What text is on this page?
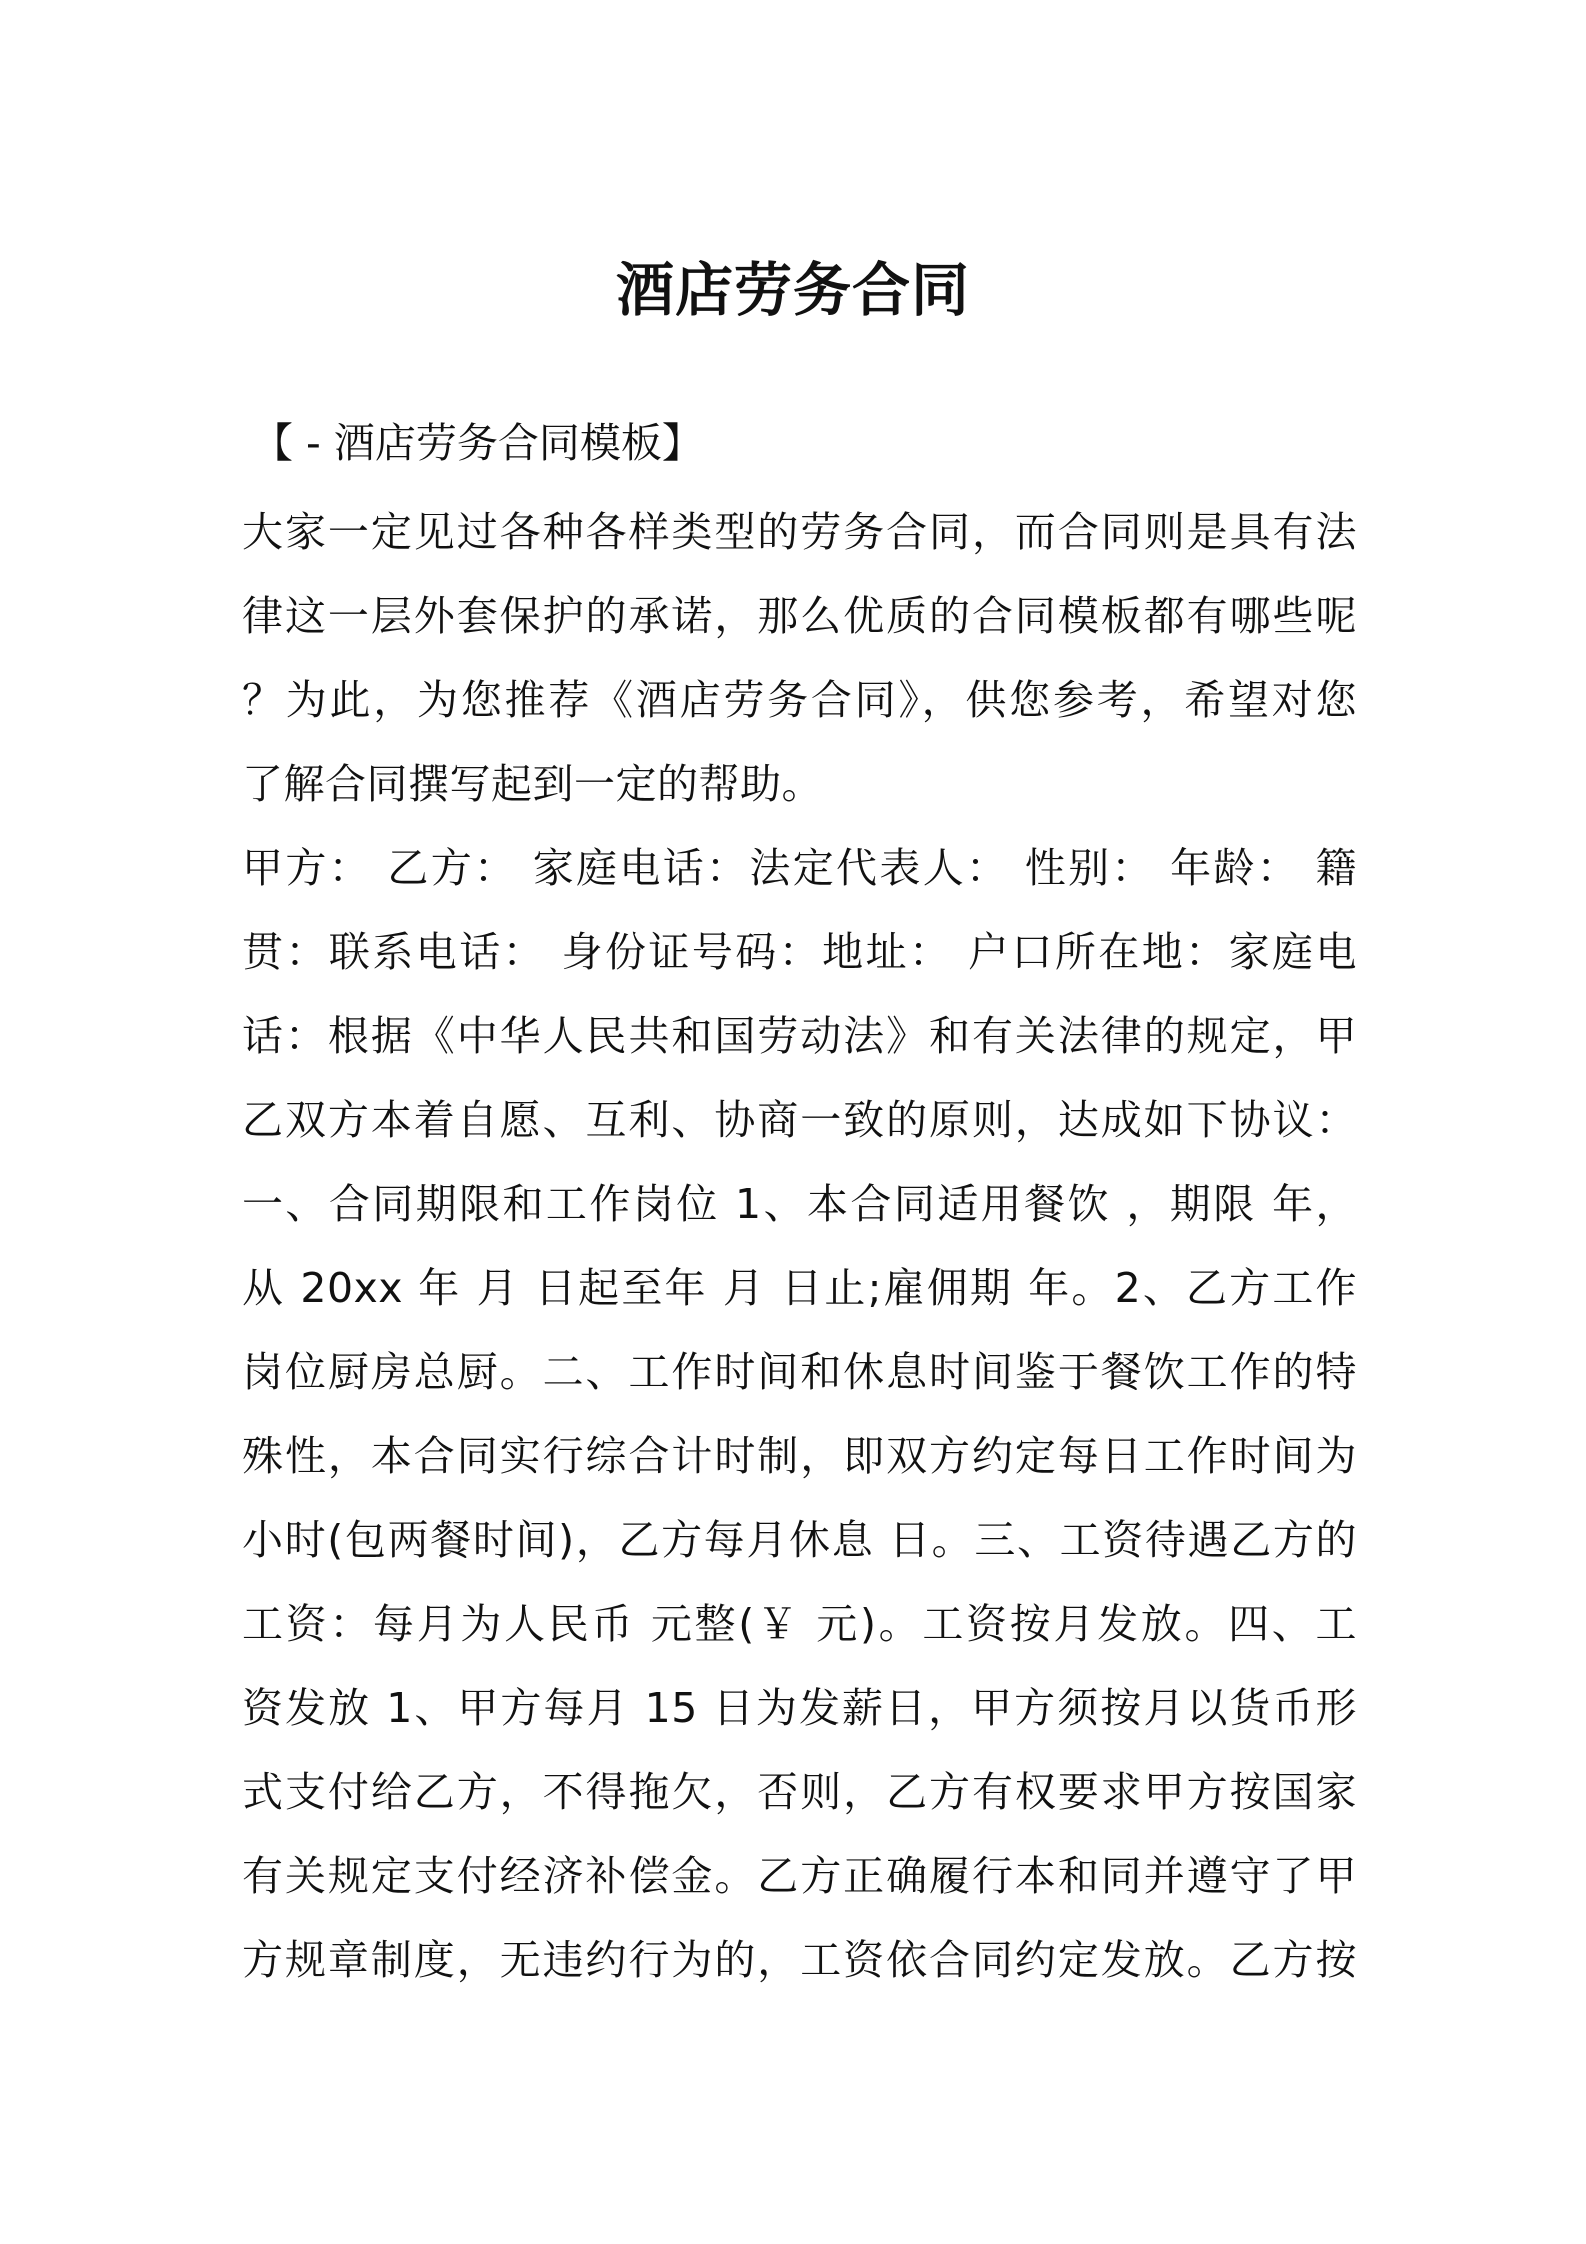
酒店劳务合同
【 - 酒店劳务合同模板】
大家一定见过各种各样类型的劳务合同，而合同则是具有法
律这一层外套保护的承诺，那么优质的合同模板都有哪些呢
？为此，为您推荐《酒店劳务合同》，供您参考，希望对您
了解合同撰写起到一定的帮助。
甲方： 乙方： 家庭电话：法定代表人： 性别： 年龄： 籍
贯：联系电话： 身份证号码：地址： 户口所在地：家庭电
话：根据《中华人民共和国劳动法》和有关法律的规定，甲
乙双方本着自愿、互利、协商一致的原则，达成如下协议：
一、合同期限和工作岗位 1、本合同适用餐饮 ，期限 年，
从 20xx 年 月 日起至年 月 日止;雇佣期 年。2、乙方工作
岗位厨房总厨。二、工作时间和休息时间鉴于餐饮工作的特
殊性，本合同实行综合计时制，即双方约定每日工作时间为
小时(包两餐时间)，乙方每月休息 日。三、工资待遇乙方的
工资：每月为人民币 元整(￥ 元)。工资按月发放。四、工
资发放 1、甲方每月 15 日为发薪日，甲方须按月以货币形
式支付给乙方，不得拖欠，否则，乙方有权要求甲方按国家
有关规定支付经济补偿金。乙方正确履行本和同并遵守了甲
方规章制度，无违约行为的，工资依合同约定发放。乙方按
